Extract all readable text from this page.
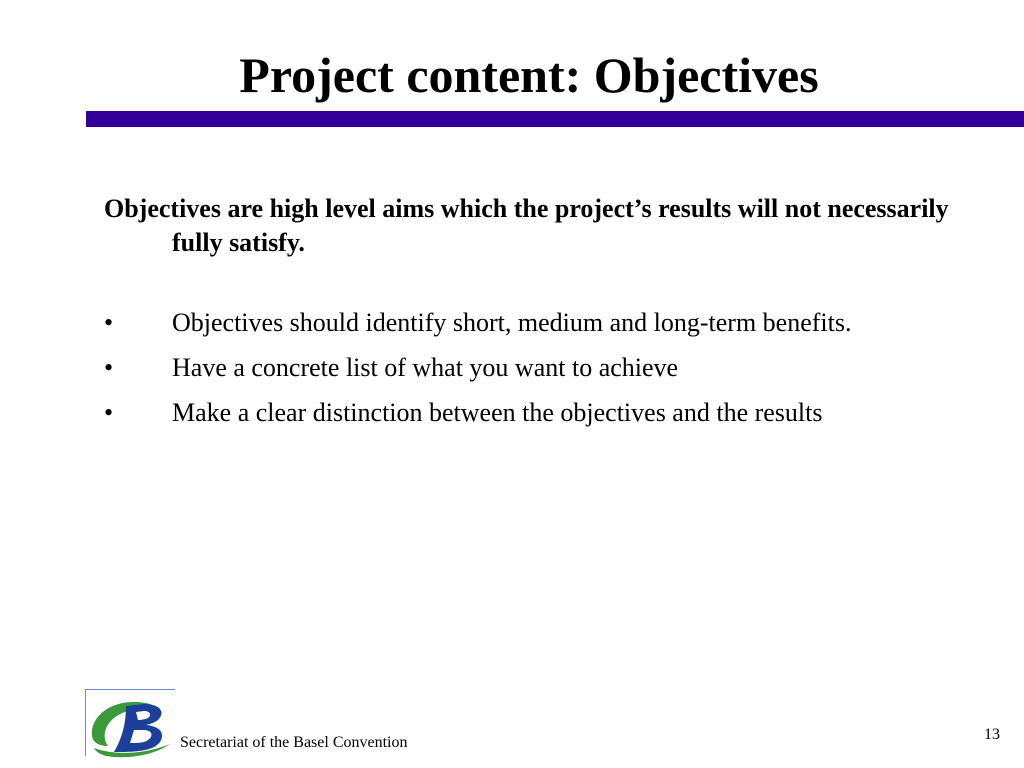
Project content: Objectives

Objectives are high level aims which the project’s results will not necessarily fully satisfy.

• Objectives should identify short, medium and long-term benefits.
• Have a concrete list of what you want to achieve
• Make a clear distinction between the objectives and the results
Secretariat of the Basel Convention	13
